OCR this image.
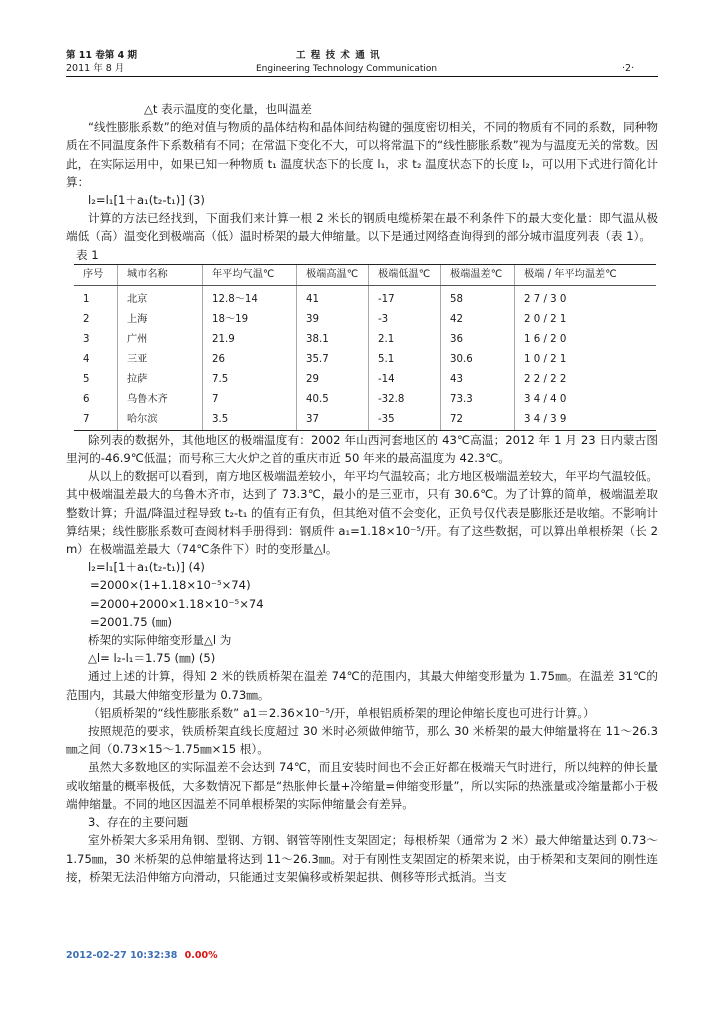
第 11 卷第 4 期
2011 年 8 月
工 程 技 术 通 讯
Engineering Technology Communication	·2·

△t 表示温度的变化量，也叫温差

“线性膨胀系数”的绝对值与物质的晶体结构和晶体间结构键的强度密切相关，不同的物质有不同的系数，同种物质在不同温度条件下系数稍有不同；在常温下变化不大，可以将常温下的“线性膨胀系数”视为与温度无关的常数。因此，在实际运用中，如果已知一种物质 t₁ 温度状态下的长度 l₁，求 t₂ 温度状态下的长度 l₂，可以用下式进行简化计算：

l₂=l₁[1＋a₁(t₂-t₁)] (3)

计算的方法已经找到，下面我们来计算一根 2 米长的钢质电缆桥架在最不利条件下的最大变化量：即气温从极端低（高）温变化到极端高（低）温时桥架的最大伸缩量。以下是通过网络查询得到的部分城市温度列表（表 1）。

表 1

序号	城市名称	年平均气温℃	极端高温℃	极端低温℃	极端温差℃	极端 / 年平均温差℃
1	北京	12.8～14	41	-17	58	2 7 / 3 0
2	上海	18～19	39	-3	42	2 0 / 2 1
3	广州	21.9	38.1	2.1	36	1 6 / 2 0
4	三亚	26	35.7	5.1	30.6	1 0 / 2 1
5	拉萨	7.5	29	-14	43	2 2 / 2 2
6	乌鲁木齐	7	40.5	-32.8	73.3	3 4 / 4 0
7	哈尔滨	3.5	37	-35	72	3 4 / 3 9

除列表的数据外，其他地区的极端温度有：2002 年山西河套地区的 43℃高温；2012 年 1 月 23 日内蒙古图里河的-46.9℃低温；而号称三大火炉之首的重庆市近 50 年来的最高温度为 42.3℃。

从以上的数据可以看到，南方地区极端温差较小，年平均气温较高；北方地区极端温差较大，年平均气温较低。其中极端温差最大的乌鲁木齐市，达到了 73.3℃，最小的是三亚市，只有 30.6℃。为了计算的简单，极端温差取整数计算；升温/降温过程导致 t₂-t₁ 的值有正有负，但其绝对值不会变化，正负号仅代表是膨胀还是收缩。不影响计算结果；线性膨胀系数可查阅材料手册得到：钢质件 a₁=1.18×10⁻⁵/开。有了这些数据，可以算出单根桥架（长 2m）在极端温差最大（74℃条件下）时的变形量△l。

l₂=l₁[1＋a₁(t₂-t₁)] (4)

=2000×(1+1.18×10⁻⁵×74)

=2000+2000×1.18×10⁻⁵×74

=2001.75 (㎜)

桥架的实际伸缩变形量△l 为

△l= l₂-l₁＝1.75 (㎜) (5)

通过上述的计算，得知 2 米的铁质桥架在温差 74℃的范围内，其最大伸缩变形量为 1.75㎜。在温差 31℃的范围内，其最大伸缩变形量为 0.73㎜。

（铝质桥架的“线性膨胀系数” a1＝2.36×10⁻⁵/开，单根铝质桥架的理论伸缩长度也可进行计算。）

按照规范的要求，铁质桥架直线长度超过 30 米时必须做伸缩节，那么 30 米桥架的最大伸缩量将在 11～26.3㎜之间（0.73×15～1.75㎜×15 根）。

虽然大多数地区的实际温差不会达到 74℃，而且安装时间也不会正好都在极端天气时进行，所以纯粹的伸长量或收缩量的概率极低，大多数情况下都是“热胀伸长量+冷缩量=伸缩变形量”，所以实际的热涨量或冷缩量都小于极端伸缩量。不同的地区因温差不同单根桥架的实际伸缩量会有差异。

3、存在的主要问题

室外桥架大多采用角钢、型钢、方钢、钢管等刚性支架固定；每根桥架（通常为 2 米）最大伸缩量达到 0.73～1.75㎜，30 米桥架的总伸缩量将达到 11～26.3㎜。对于有刚性支架固定的桥架来说，由于桥架和支架间的刚性连接，桥架无法沿伸缩方向滑动，只能通过支架偏移或桥架起拱、侧移等形式抵消。当支

2012-02-27 10:32:38 0.00%
